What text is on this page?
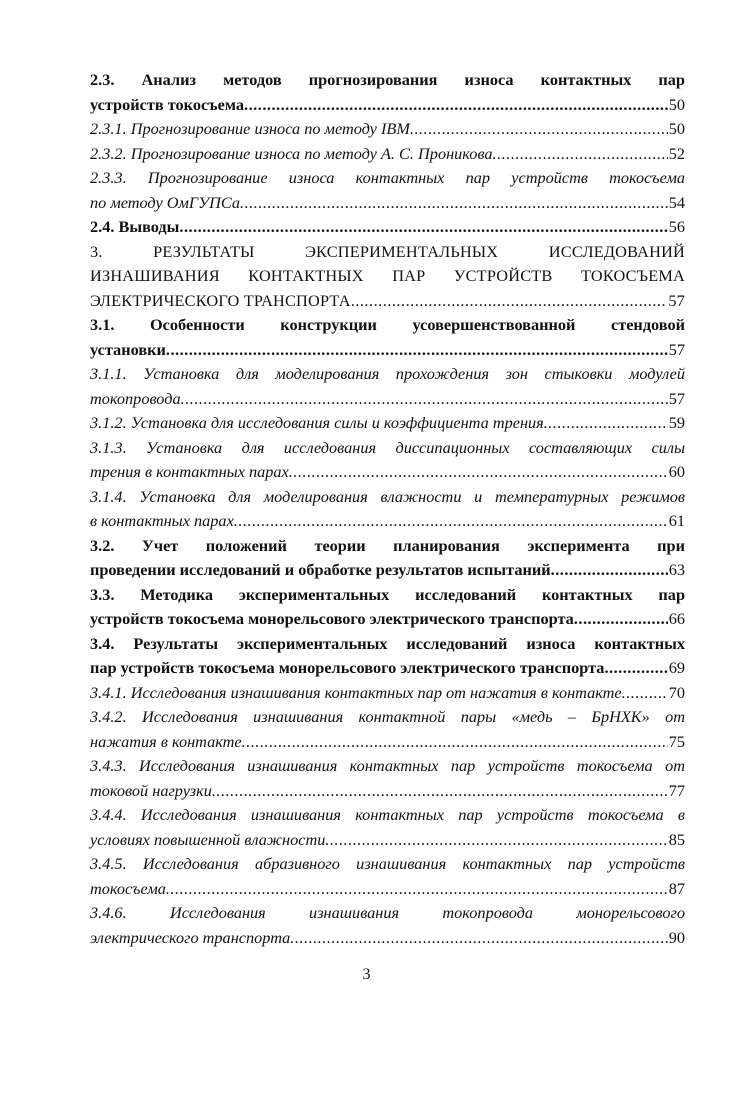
2.3. Анализ методов прогнозирования износа контактных пар
устройств токосъема .....	50
2.3.1. Прогнозирование износа по методу IBM .....	50
2.3.2. Прогнозирование износа по методу А. С. Проникова .....	52
2.3.3. Прогнозирование износа контактных пар устройств токосъема
по методу ОмГУПСа .....	54
2.4. Выводы .....	56
3. РЕЗУЛЬТАТЫ ЭКСПЕРИМЕНТАЛЬНЫХ ИССЛЕДОВАНИЙ
ИЗНАШИВАНИЯ КОНТАКТНЫХ ПАР УСТРОЙСТВ ТОКОСЪЕМА
ЭЛЕКТРИЧЕСКОГО ТРАНСПОРТА .....	57
3.1. Особенности конструкции усовершенствованной стендовой
установки .....	57
3.1.1. Установка для моделирования прохождения зон стыковки модулей
токопровода .....	57
3.1.2. Установка для исследования силы и коэффициента трения .....	59
3.1.3. Установка для исследования диссипационных составляющих силы
трения в контактных парах .....	60
3.1.4. Установка для моделирования влажности и температурных режимов
в контактных парах .....	61
3.2. Учет положений теории планирования эксперимента при
проведении исследований и обработке результатов испытаний .....	63
3.3. Методика экспериментальных исследований контактных пар
устройств токосъема монорельсового электрического транспорта .....	66
3.4. Результаты экспериментальных исследований износа контактных
пар устройств токосъема монорельсового электрического транспорта .....	69
3.4.1. Исследования изнашивания контактных пар от нажатия в контакте .....	70
3.4.2. Исследования изнашивания контактной пары «медь – БрНХК» от
нажатия в контакте .....	75
3.4.3. Исследования изнашивания контактных пар устройств токосъема от
токовой нагрузки .....	77
3.4.4. Исследования изнашивания контактных пар устройств токосъема в
условиях повышенной влажности .....	85
3.4.5. Исследования абразивного изнашивания контактных пар устройств
токосъема .....	87
3.4.6. Исследования изнашивания токопровода монорельсового
электрического транспорта .....	90
3
